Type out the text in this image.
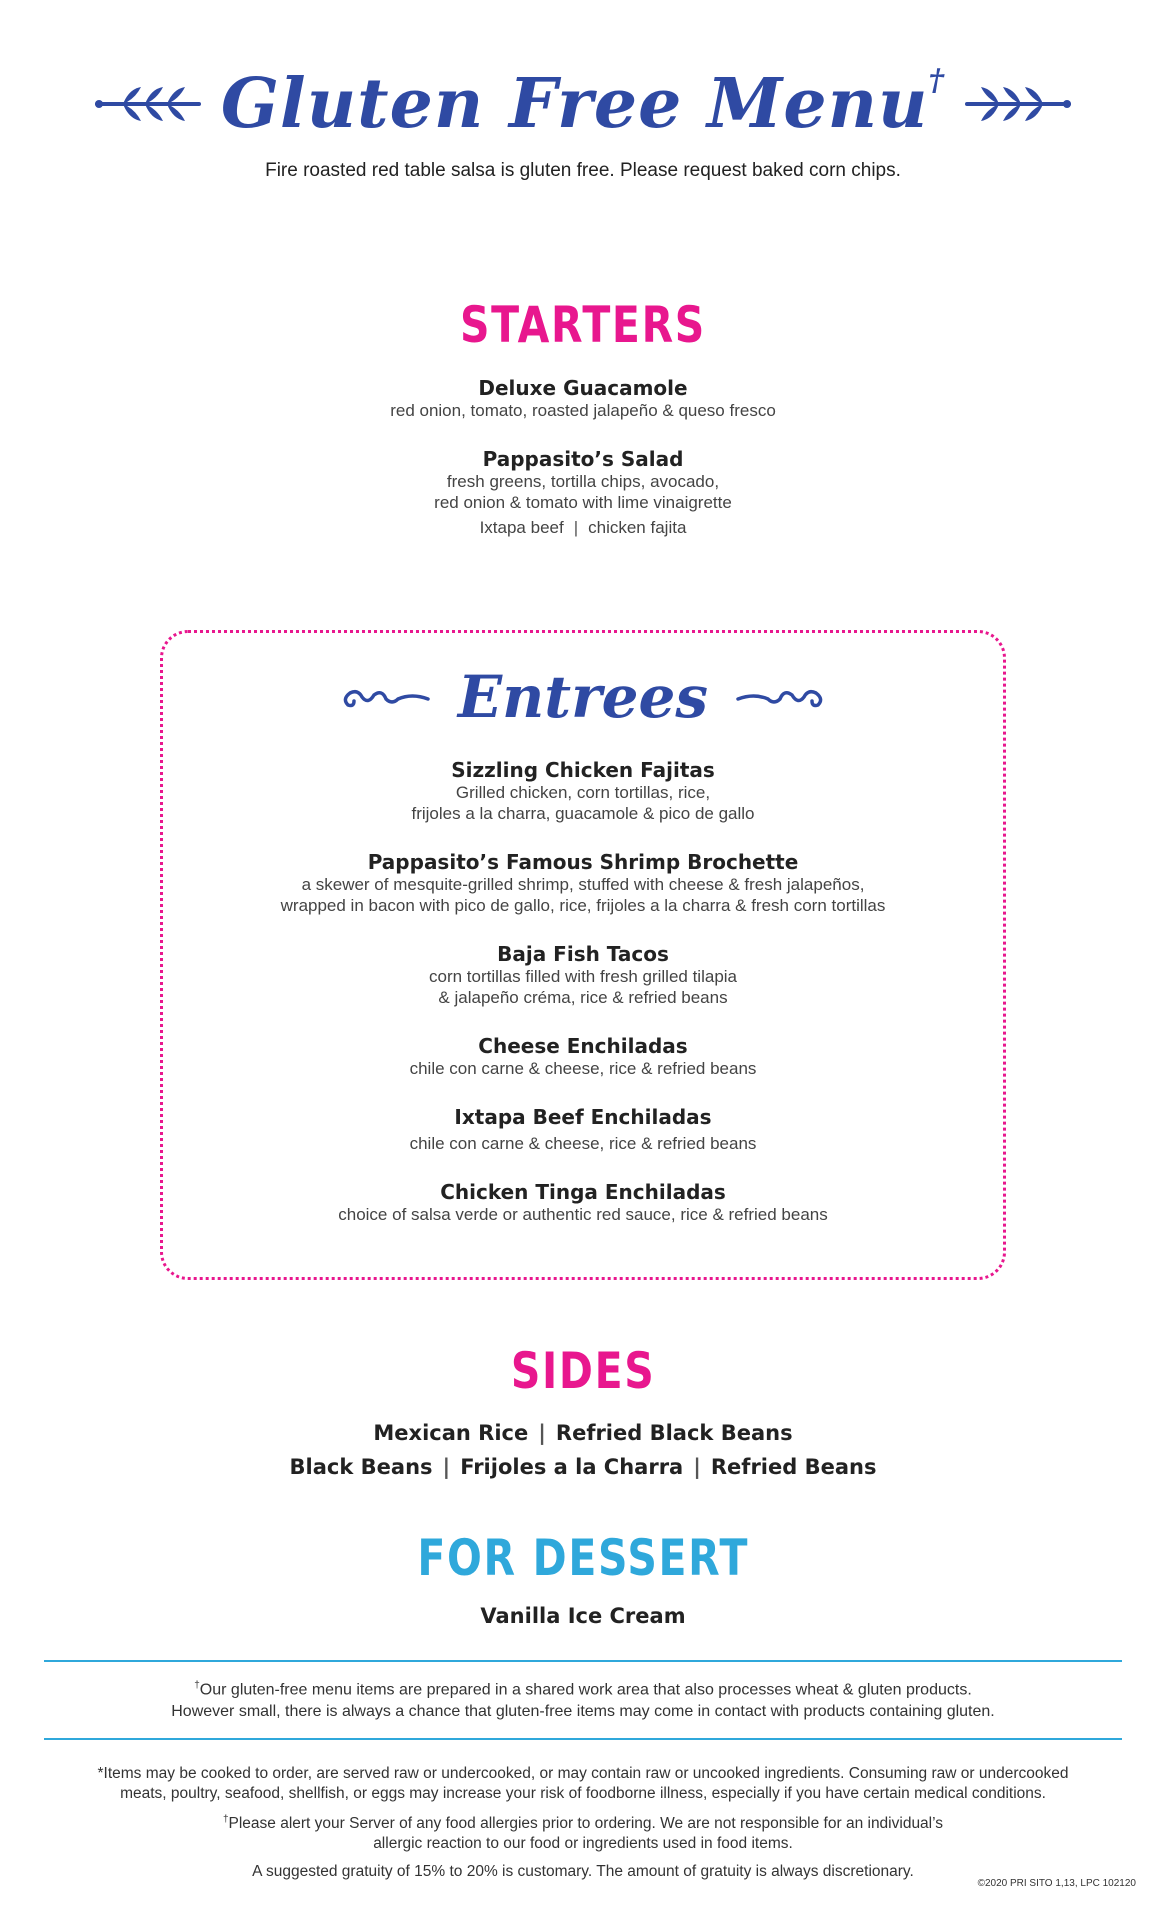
Gluten Free Menu†
Fire roasted red table salsa is gluten free. Please request baked corn chips.
STARTERS
Deluxe Guacamole
red onion, tomato, roasted jalapeño & queso fresco
Pappasito’s Salad
fresh greens, tortilla chips, avocado,
red onion & tomato with lime vinaigrette
Ixtapa beef | chicken fajita
Entrees
Sizzling Chicken Fajitas
Grilled chicken, corn tortillas, rice,
frijoles a la charra, guacamole & pico de gallo
Pappasito’s Famous Shrimp Brochette
a skewer of mesquite-grilled shrimp, stuffed with cheese & fresh jalapeños,
wrapped in bacon with pico de gallo, rice, frijoles a la charra & fresh corn tortillas
Baja Fish Tacos
corn tortillas filled with fresh grilled tilapia
& jalapeño créma, rice & refried beans
Cheese Enchiladas
chile con carne & cheese, rice & refried beans
Ixtapa Beef Enchiladas
chile con carne & cheese, rice & refried beans
Chicken Tinga Enchiladas
choice of salsa verde or authentic red sauce, rice & refried beans
SIDES
Mexican Rice | Refried Black Beans
Black Beans | Frijoles a la Charra | Refried Beans
FOR DESSERT
Vanilla Ice Cream
†Our gluten-free menu items are prepared in a shared work area that also processes wheat & gluten products.
However small, there is always a chance that gluten-free items may come in contact with products containing gluten.
*Items may be cooked to order, are served raw or undercooked, or may contain raw or uncooked ingredients. Consuming raw or undercooked
meats, poultry, seafood, shellfish, or eggs may increase your risk of foodborne illness, especially if you have certain medical conditions.
†Please alert your Server of any food allergies prior to ordering. We are not responsible for an individual’s
allergic reaction to our food or ingredients used in food items.
A suggested gratuity of 15% to 20% is customary. The amount of gratuity is always discretionary.
©2020 PRI SITO 1,13, LPC 102120
